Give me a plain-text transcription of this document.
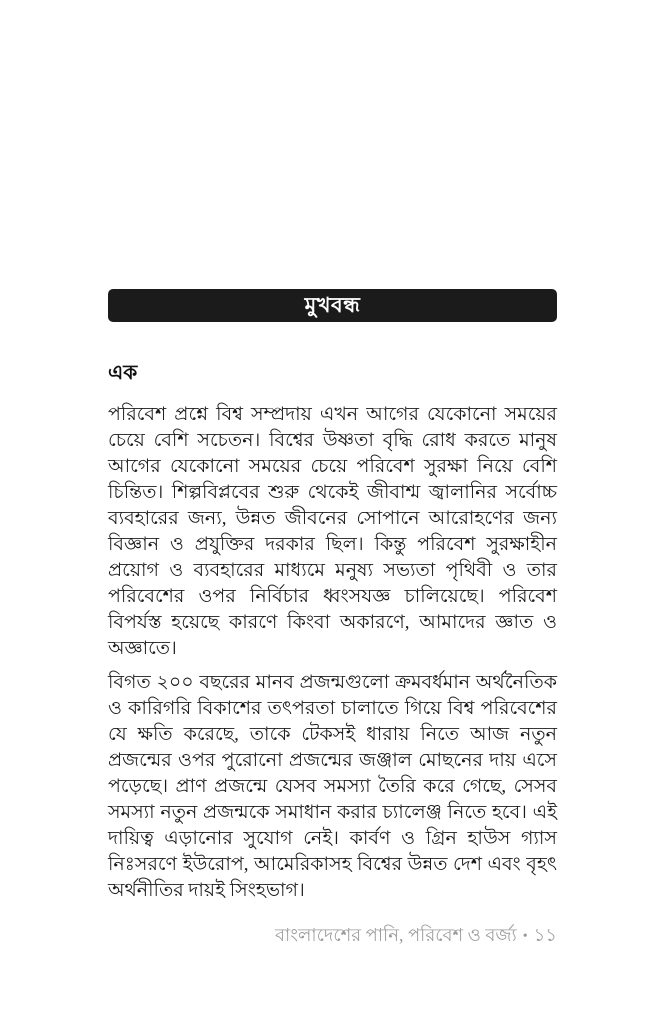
মুখবন্ধ
এক

পরিবেশ প্রশ্নে বিশ্ব সম্প্রদায় এখন আগের যেকোনো সময়ের চেয়ে বেশি সচেতন। বিশ্বের উষ্ণতা বৃদ্ধি রোধ করতে মানুষ আগের যেকোনো সময়ের চেয়ে পরিবেশ সুরক্ষা নিয়ে বেশি চিন্তিত। শিল্পবিপ্লবের শুরু থেকেই জীবাশ্ম জ্বালানির সর্বোচ্চ ব্যবহারের জন্য, উন্নত জীবনের সোপানে আরোহণের জন্য বিজ্ঞান ও প্রযুক্তির দরকার ছিল। কিন্তু পরিবেশ সুরক্ষাহীন প্রয়োগ ও ব্যবহারের মাধ্যমে মনুষ্য সভ্যতা পৃথিবী ও তার পরিবেশের ওপর নির্বিচার ধ্বংসযজ্ঞ চালিয়েছে। পরিবেশ বিপর্যস্ত হয়েছে কারণে কিংবা অকারণে, আমাদের জ্ঞাত ও অজ্ঞাতে।

বিগত ২০০ বছরের মানব প্রজন্মগুলো ক্রমবর্ধমান অর্থনৈতিক ও কারিগরি বিকাশের তৎপরতা চালাতে গিয়ে বিশ্ব পরিবেশের যে ক্ষতি করেছে, তাকে টেকসই ধারায় নিতে আজ নতুন প্রজন্মের ওপর পুরোনো প্রজন্মের জঞ্জাল মোছনের দায় এসে পড়েছে। প্রাণ প্রজন্মে যেসব সমস্যা তৈরি করে গেছে, সেসব সমস্যা নতুন প্রজন্মকে সমাধান করার চ্যালেঞ্জ নিতে হবে। এই দায়িত্ব এড়ানোর সুযোগ নেই। কার্বণ ও গ্রিন হাউস গ্যাস নিঃসরণে ইউরোপ, আমেরিকাসহ বিশ্বের উন্নত দেশ এবং বৃহৎ অর্থনীতির দায়ই সিংহভাগ।

বাংলাদেশের পানি, পরিবেশ ও বর্জ্য • ১১
